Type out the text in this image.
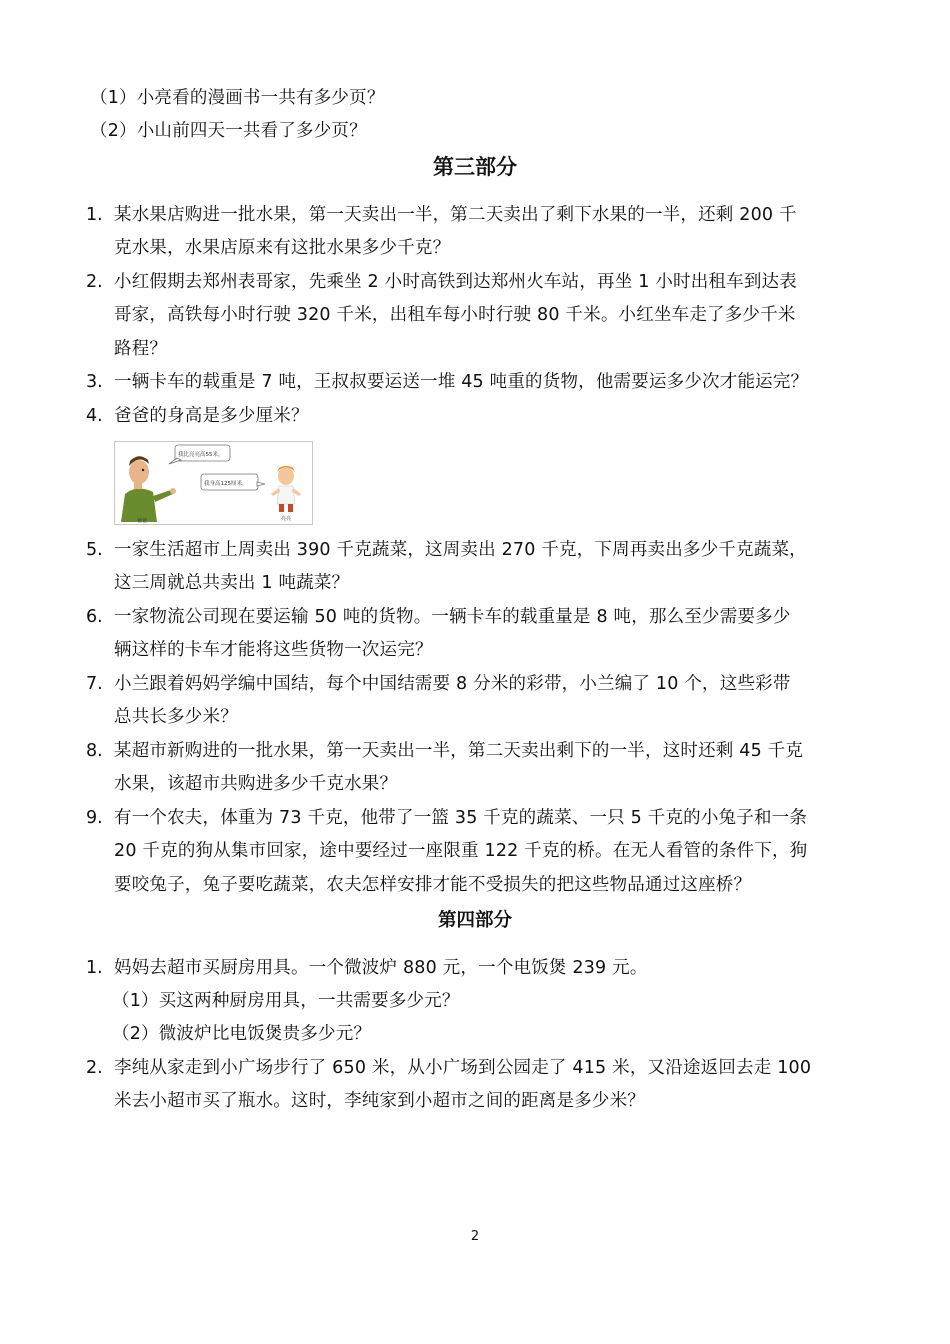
（1）小亮看的漫画书一共有多少页？
（2）小山前四天一共看了多少页？
第三部分
1. 某水果店购进一批水果，第一天卖出一半，第二天卖出了剩下水果的一半，还剩 200 千
克水果，水果店原来有这批水果多少千克？
2. 小红假期去郑州表哥家，先乘坐 2 小时高铁到达郑州火车站，再坐 1 小时出租车到达表
哥家，高铁每小时行驶 320 千米，出租车每小时行驶 80 千米。小红坐车走了多少千米
路程？
3. 一辆卡车的载重是 7 吨，王叔叔要运送一堆 45 吨重的货物，他需要运多少次才能运完？
4. 爸爸的身高是多少厘米？
我比亮亮高55米。
我身高125厘米。
爸爸	亮亮
5. 一家生活超市上周卖出 390 千克蔬菜，这周卖出 270 千克，下周再卖出多少千克蔬菜，
这三周就总共卖出 1 吨蔬菜？
6. 一家物流公司现在要运输 50 吨的货物。一辆卡车的载重量是 8 吨，那么至少需要多少
辆这样的卡车才能将这些货物一次运完？
7. 小兰跟着妈妈学编中国结，每个中国结需要 8 分米的彩带，小兰编了 10 个，这些彩带
总共长多少米？
8. 某超市新购进的一批水果，第一天卖出一半，第二天卖出剩下的一半，这时还剩 45 千克
水果，该超市共购进多少千克水果？
9. 有一个农夫，体重为 73 千克，他带了一篮 35 千克的蔬菜、一只 5 千克的小兔子和一条
20 千克的狗从集市回家，途中要经过一座限重 122 千克的桥。在无人看管的条件下，狗
要咬兔子，兔子要吃蔬菜，农夫怎样安排才能不受损失的把这些物品通过这座桥？
第四部分
1. 妈妈去超市买厨房用具。一个微波炉 880 元，一个电饭煲 239 元。
（1）买这两种厨房用具，一共需要多少元？
（2）微波炉比电饭煲贵多少元？
2. 李纯从家走到小广场步行了 650 米，从小广场到公园走了 415 米，又沿途返回去走 100
米去小超市买了瓶水。这时，李纯家到小超市之间的距离是多少米？
2
